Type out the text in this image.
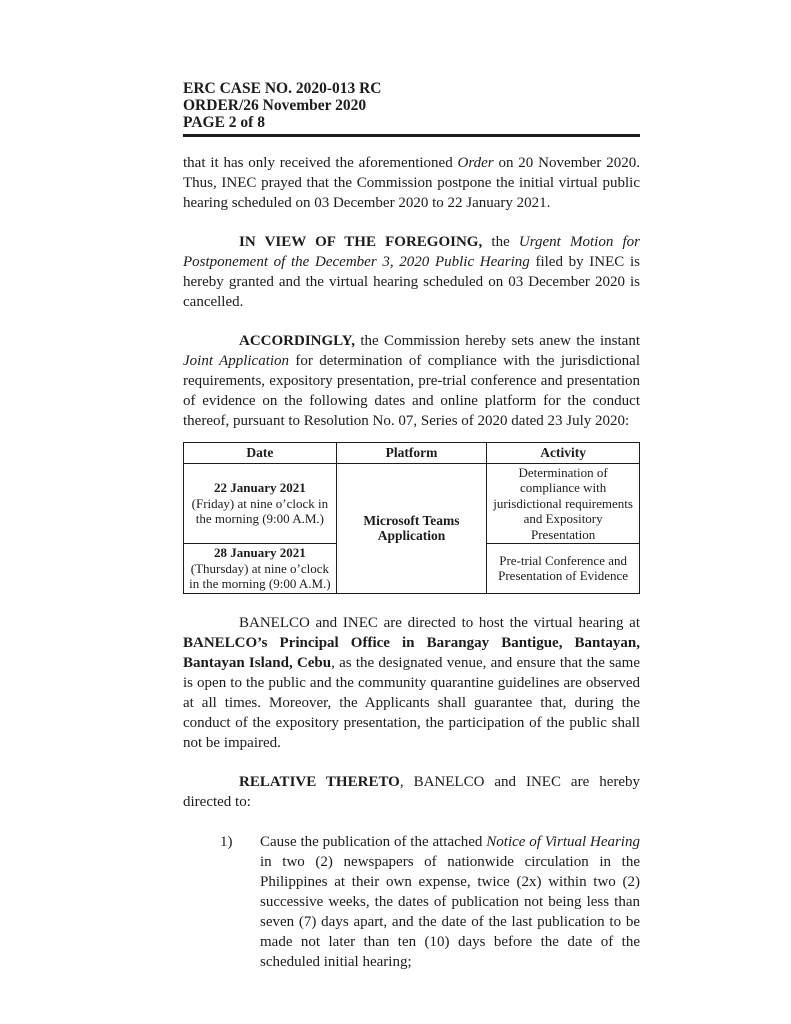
ERC CASE NO. 2020-013 RC
ORDER/26 November 2020
PAGE 2 of 8

that it has only received the aforementioned Order on 20 November 2020. Thus, INEC prayed that the Commission postpone the initial virtual public hearing scheduled on 03 December 2020 to 22 January 2021.

IN VIEW OF THE FOREGOING, the Urgent Motion for Postponement of the December 3, 2020 Public Hearing filed by INEC is hereby granted and the virtual hearing scheduled on 03 December 2020 is cancelled.

ACCORDINGLY, the Commission hereby sets anew the instant Joint Application for determination of compliance with the jurisdictional requirements, expository presentation, pre-trial conference and presentation of evidence on the following dates and online platform for the conduct thereof, pursuant to Resolution No. 07, Series of 2020 dated 23 July 2020:

Date	Platform	Activity

22 January 2021
(Friday) at nine o’clock in the morning (9:00 A.M.)	Microsoft Teams Application	Determination of compliance with jurisdictional requirements and Expository Presentation

28 January 2021
(Thursday) at nine o’clock in the morning (9:00 A.M.)		Pre-trial Conference and Presentation of Evidence

BANELCO and INEC are directed to host the virtual hearing at BANELCO’s Principal Office in Barangay Bantigue, Bantayan, Bantayan Island, Cebu, as the designated venue, and ensure that the same is open to the public and the community quarantine guidelines are observed at all times. Moreover, the Applicants shall guarantee that, during the conduct of the expository presentation, the participation of the public shall not be impaired.

RELATIVE THERETO, BANELCO and INEC are hereby directed to:

1)	Cause the publication of the attached Notice of Virtual Hearing in two (2) newspapers of nationwide circulation in the Philippines at their own expense, twice (2x) within two (2) successive weeks, the dates of publication not being less than seven (7) days apart, and the date of the last publication to be made not later than ten (10) days before the date of the scheduled initial hearing;
